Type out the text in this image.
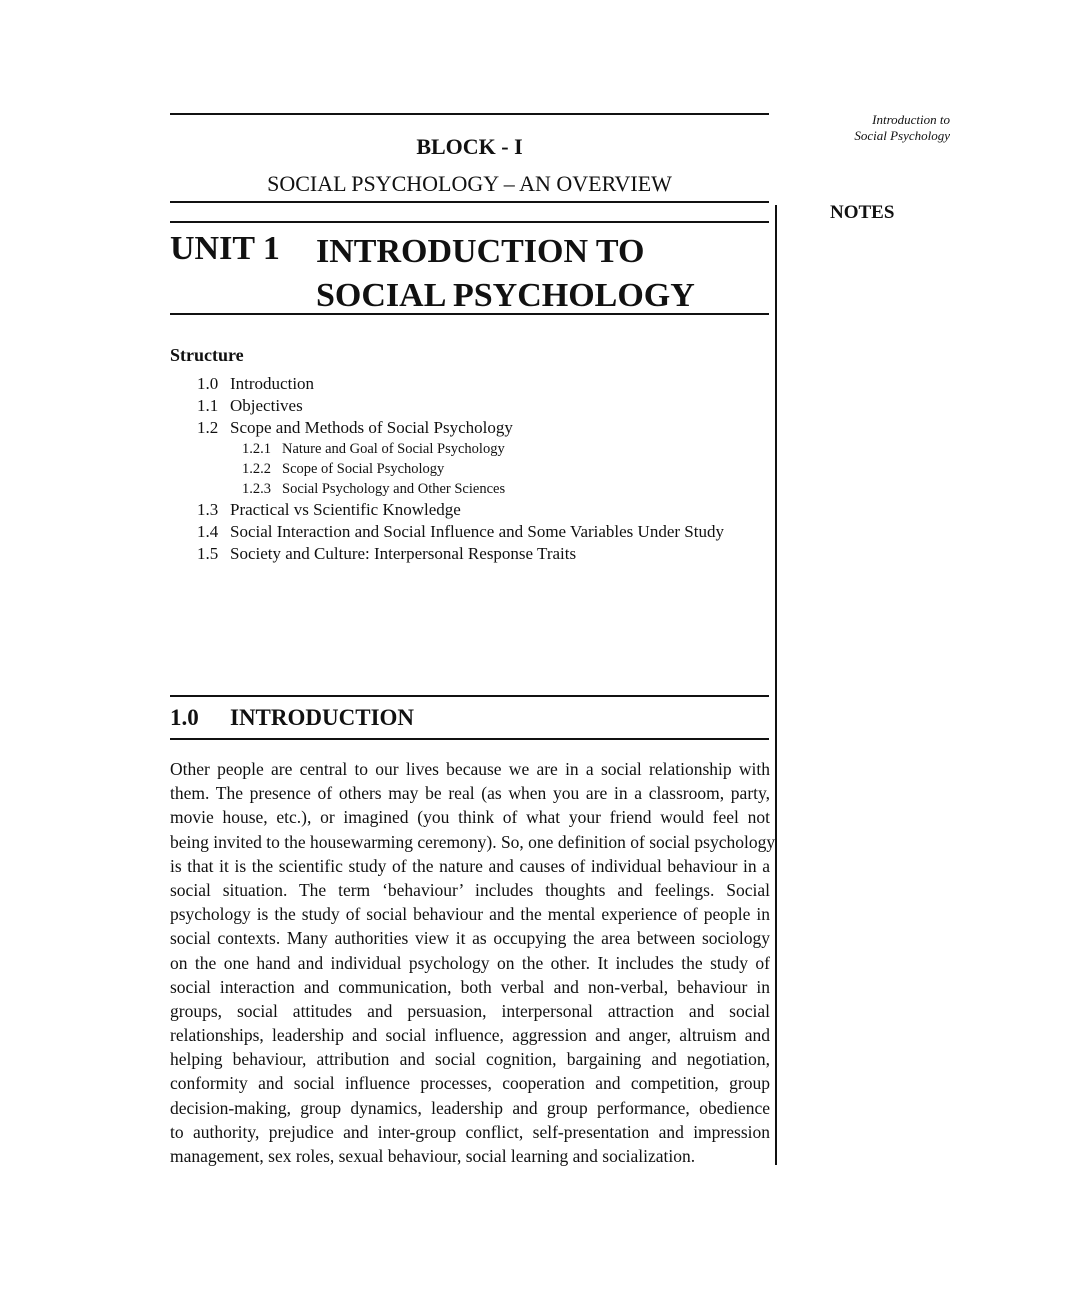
Introduction to
Social Psychology
NOTES
BLOCK - I
SOCIAL PSYCHOLOGY – AN OVERVIEW
UNIT 1 INTRODUCTION TO
SOCIAL PSYCHOLOGY
Structure
1.0 Introduction
1.1 Objectives
1.2 Scope and Methods of Social Psychology
1.2.1 Nature and Goal of Social Psychology
1.2.2 Scope of Social Psychology
1.2.3 Social Psychology and Other Sciences
1.3 Practical vs Scientific Knowledge
1.4 Social Interaction and Social Influence and Some Variables Under Study
1.5 Society and Culture: Interpersonal Response Traits
1.0 INTRODUCTION
Other people are central to our lives because we are in a social relationship with
them. The presence of others may be real (as when you are in a classroom, party,
movie house, etc.), or imagined (you think of what your friend would feel not
being invited to the housewarming ceremony). So, one definition of social psychology
is that it is the scientific study of the nature and causes of individual behaviour in a
social situation. The term ‘behaviour’ includes thoughts and feelings. Social
psychology is the study of social behaviour and the mental experience of people in
social contexts. Many authorities view it as occupying the area between sociology
on the one hand and individual psychology on the other. It includes the study of
social interaction and communication, both verbal and non-verbal, behaviour in
groups, social attitudes and persuasion, interpersonal attraction and social
relationships, leadership and social influence, aggression and anger, altruism and
helping behaviour, attribution and social cognition, bargaining and negotiation,
conformity and social influence processes, cooperation and competition, group
decision-making, group dynamics, leadership and group performance, obedience
to authority, prejudice and inter-group conflict, self-presentation and impression
management, sex roles, sexual behaviour, social learning and socialization.
